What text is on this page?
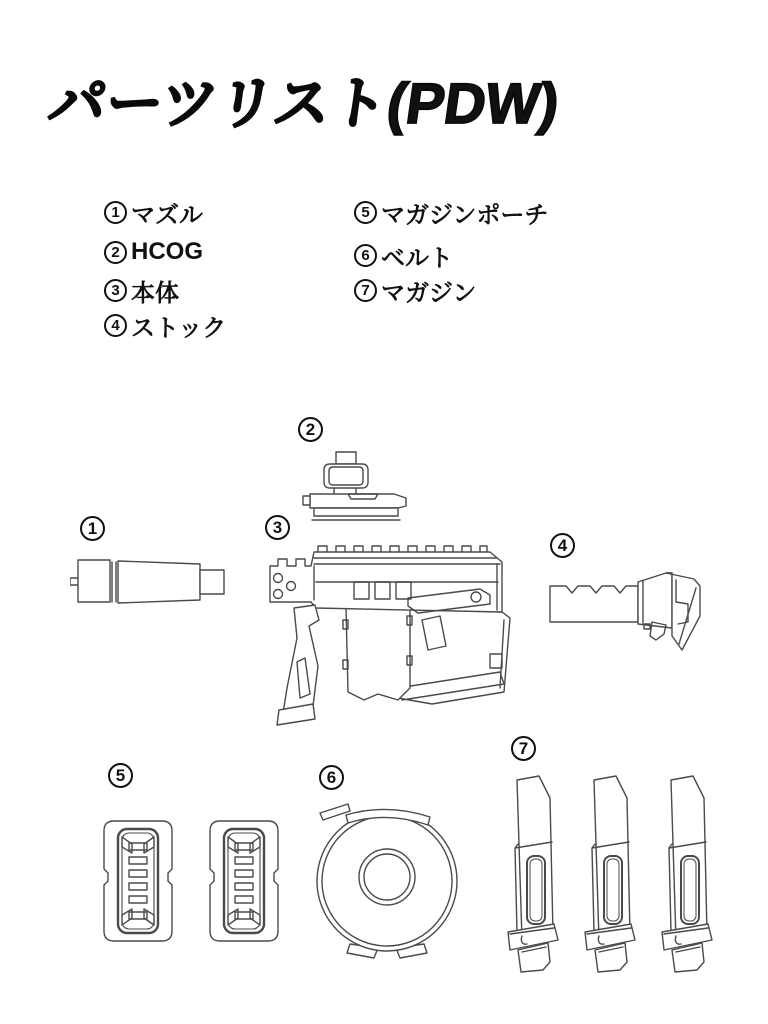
パーツリスト(PDW)
1 マズル
2 HCOG
3 本体
4 ストック
5 マガジンポーチ
6 ベルト
7 マガジン
2
1	3
4
5	6
7
